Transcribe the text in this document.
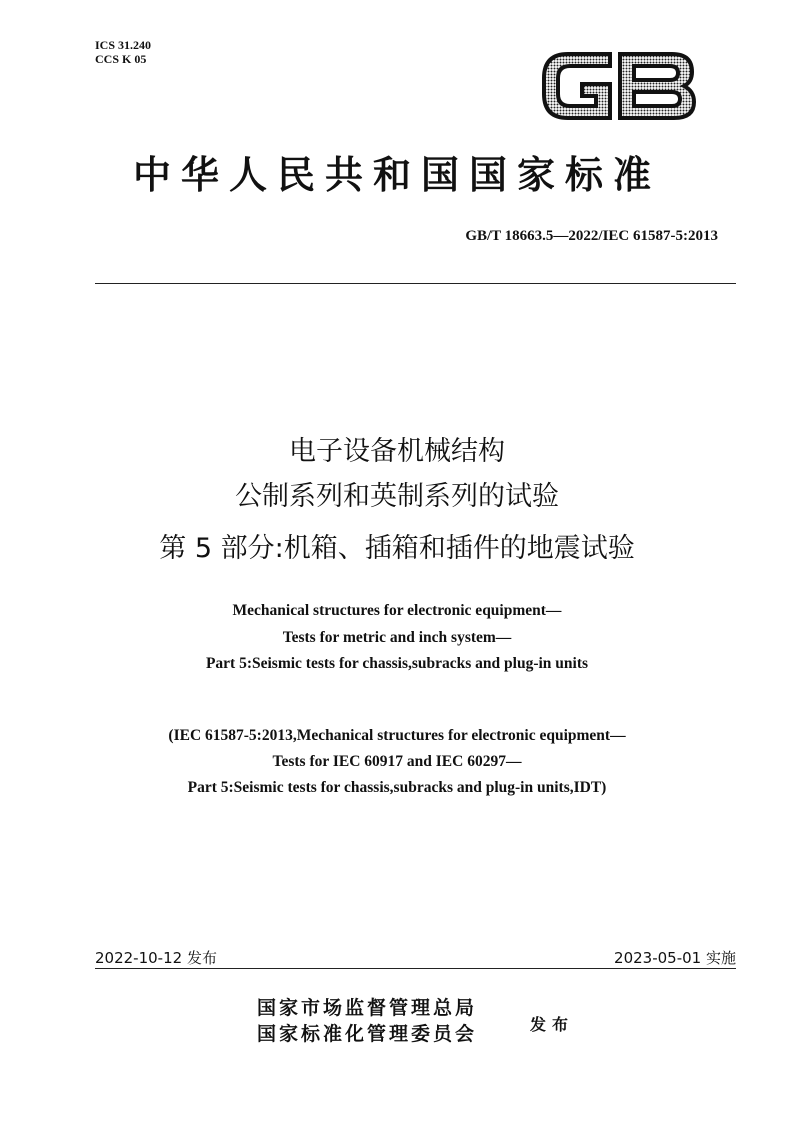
ICS 31.240
CCS K 05
中华人民共和国国家标准
GB/T 18663.5—2022/IEC 61587-5:2013
电子设备机械结构
公制系列和英制系列的试验
第 5 部分:机箱、插箱和插件的地震试验
Mechanical structures for electronic equipment—
Tests for metric and inch system—
Part 5:Seismic tests for chassis,subracks and plug-in units
(IEC 61587-5:2013,Mechanical structures for electronic equipment—
Tests for IEC 60917 and IEC 60297—
Part 5:Seismic tests for chassis,subracks and plug-in units,IDT)
2022-10-12 发布	2023-05-01 实施
国家市场监督管理总局
国家标准化管理委员会	发布
